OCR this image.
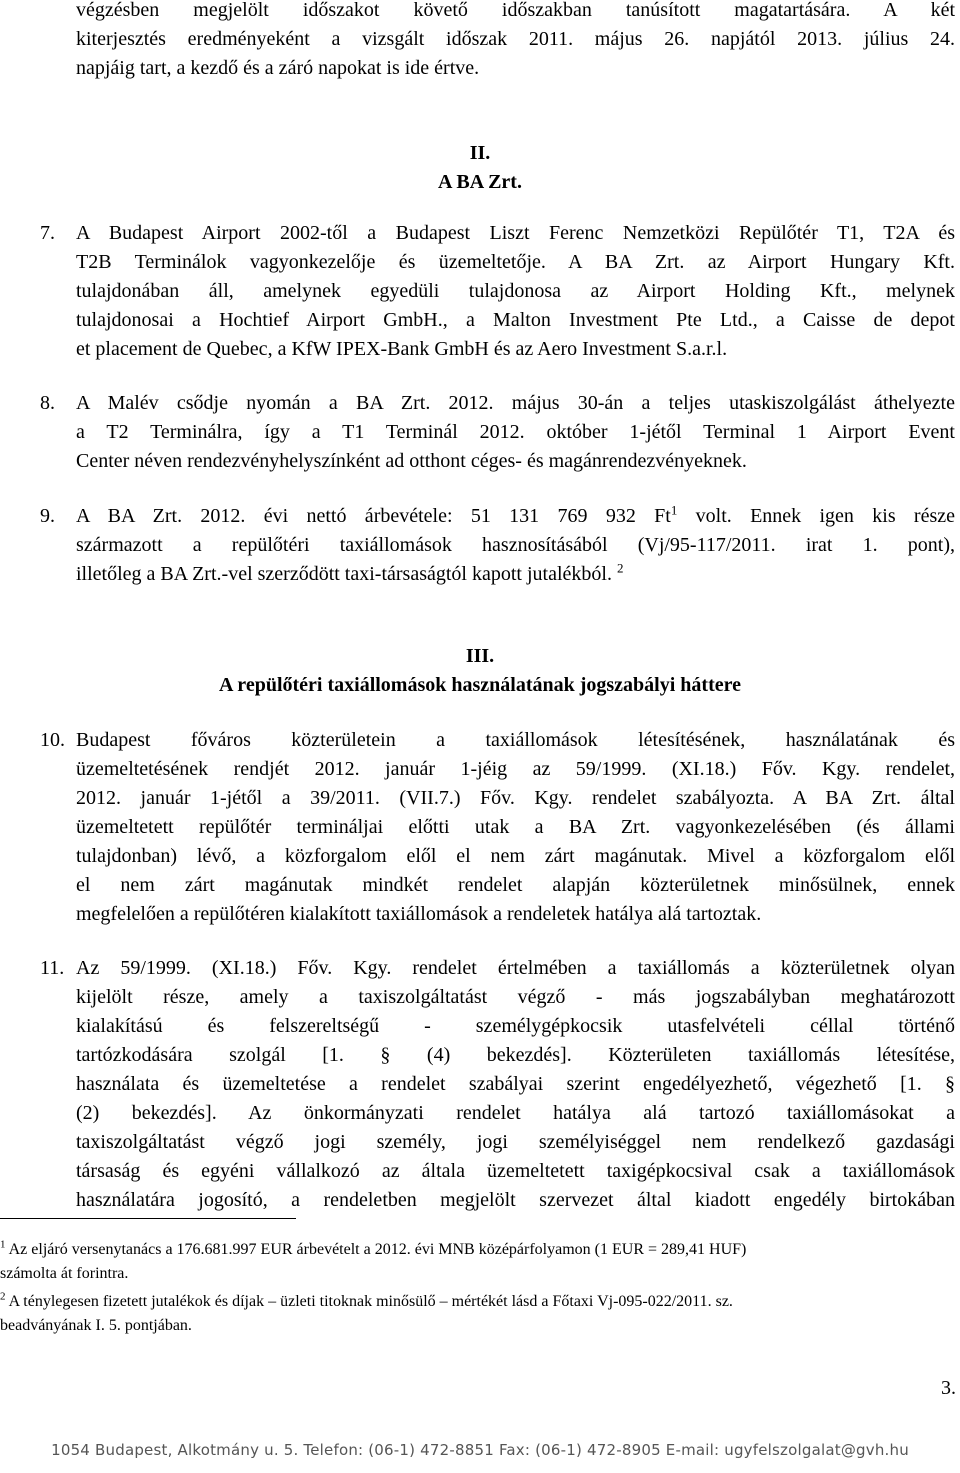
végzésben megjelölt időszakot követő időszakban tanúsított magatartására. A két

kiterjesztés eredményeként a vizsgált időszak 2011. május 26. napjától 2013. július 24.

napjáig tart, a kezdő és a záró napokat is ide értve.

II.
A BA Zrt.
7. A Budapest Airport 2002-től a Budapest Liszt Ferenc Nemzetközi Repülőtér T1, T2A és

T2B Terminálok vagyonkezelője és üzemeltetője. A BA Zrt. az Airport Hungary Kft.

tulajdonában áll, amelynek egyedüli tulajdonosa az Airport Holding Kft., melynek

tulajdonosai a Hochtief Airport GmbH., a Malton Investment Pte Ltd., a Caisse de depot

et placement de Quebec, a KfW IPEX-Bank GmbH és az Aero Investment S.a.r.l.

8. A Malév csődje nyomán a BA Zrt. 2012. május 30-án a teljes utaskiszolgálást áthelyezte

a T2 Terminálra, így a T1 Terminál 2012. október 1-jétől Terminal 1 Airport Event

Center néven rendezvényhelyszínként ad otthont céges- és magánrendezvényeknek.

9. A BA Zrt. 2012. évi nettó árbevétele: 51 131 769 932 Ft$^1$ volt. Ennek igen kis része

származott a repülőtéri taxiállomások hasznosításából (Vj/95-117/2011. irat 1. pont),

illetőleg a BA Zrt.-vel szerződött taxi-társaságtól kapott jutalékból. $^2$

III.
A repülőtéri taxiállomások használatának jogszabályi háttere
10. Budapest főváros közterületein a taxiállomások létesítésének, használatának és

üzemeltetésének rendjét 2012. január 1-jéig az 59/1999. (XI.18.) Főv. Kgy. rendelet,

2012. január 1-jétől a 39/2011. (VII.7.) Főv. Kgy. rendelet szabályozta. A BA Zrt. által

üzemeltetett repülőtér termináljai előtti utak a BA Zrt. vagyonkezelésében (és állami

tulajdonban) lévő, a közforgalom elől el nem zárt magánutak. Mivel a közforgalom elől

el nem zárt magánutak mindkét rendelet alapján közterületnek minősülnek, ennek

megfelelően a repülőtéren kialakított taxiállomások a rendeletek hatálya alá tartoztak.

11. Az 59/1999. (XI.18.) Főv. Kgy. rendelet értelmében a taxiállomás a közterületnek olyan

kijelölt része, amely a taxiszolgáltatást végző - más jogszabályban meghatározott

kialakítású és felszereltségű - személygépkocsik utasfelvételi céllal történő

tartózkodására szolgál [1. § (4) bekezdés]. Közterületen taxiállomás létesítése,

használata és üzemeltetése a rendelet szabályai szerint engedélyezhető, végezhető [1. §

(2) bekezdés]. Az önkormányzati rendelet hatálya alá tartozó taxiállomásokat a

taxiszolgáltatást végző jogi személy, jogi személyiséggel nem rendelkező gazdasági

társaság és egyéni vállalkozó az általa üzemeltetett taxigépkocsival csak a taxiállomások

használatára jogosító, a rendeletben megjelölt szervezet által kiadott engedély birtokában

$^1$ Az eljáró versenytanács a 176.681.997 EUR árbevételt a 2012. évi MNB középárfolyamon (1 EUR = 289,41 HUF)

számolta át forintra.

$^2$ A ténylegesen fizetett jutalékok és díjak – üzleti titoknak minősülő – mértékét lásd a Főtaxi Vj-095-022/2011. sz.

beadványának I. 5. pontjában.

3.
1054 Budapest, Alkotmány u. 5. Telefon: (06-1) 472-8851 Fax: (06-1) 472-8905 E-mail: ugyfelszolgalat@gvh.hu
